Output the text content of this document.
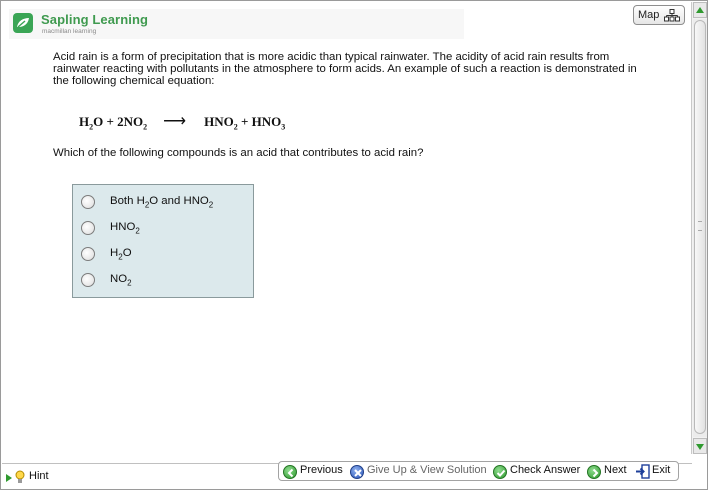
Sapling Learning
macmillan learning
Map
Acid rain is a form of precipitation that is more acidic than typical rainwater. The acidity of acid rain results from rainwater reacting with pollutants in the atmosphere to form acids. An example of such a reaction is demonstrated in the following chemical equation:
$H_2O + 2NO_2$ ⟶ $HNO_2 + HNO_3$
Which of the following compounds is an acid that contributes to acid rain?
Both $H_2O$ and $HNO_2$
$HNO_2$
$H_2O$
$NO_2$
Hint	Previous	Give Up & View Solution	Check Answer	Next	Exit
